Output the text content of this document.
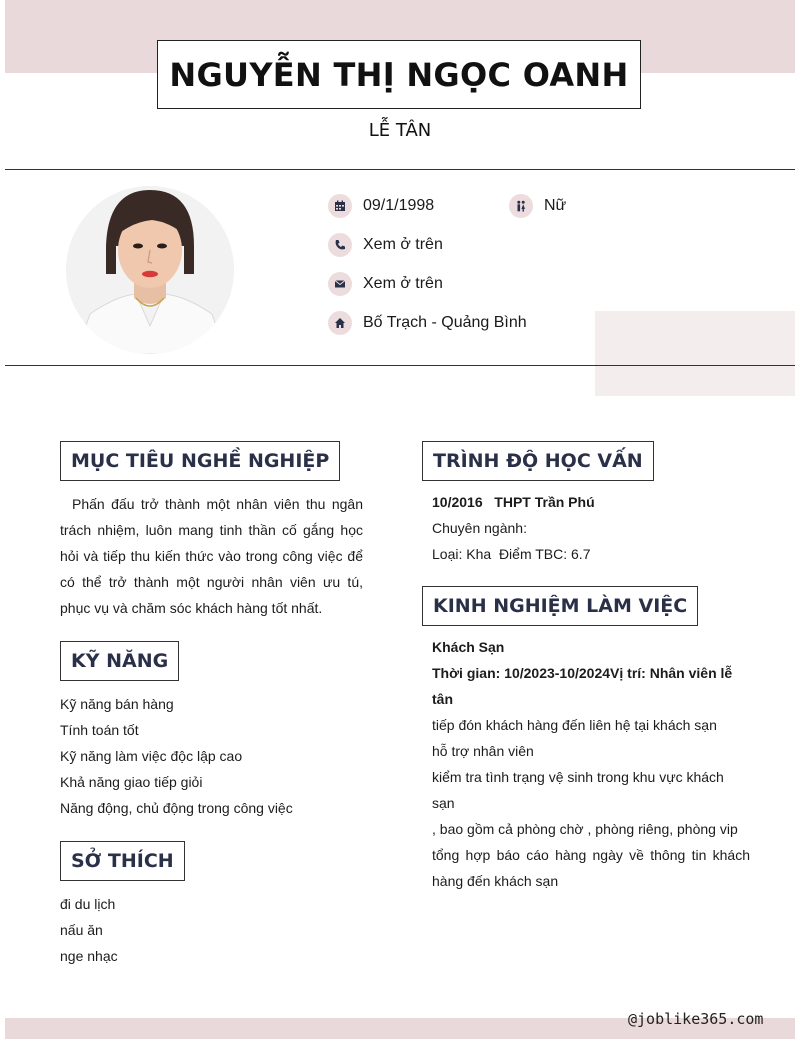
NGUYỄN THỊ NGỌC OANH
LỄ TÂN
09/1/1998	Nữ
Xem ở trên
Xem ở trên
Bố Trạch - Quảng Bình
MỤC TIÊU NGHỀ NGHIỆP
Phấn đấu trở thành một nhân viên thu ngân trách nhiệm, luôn mang tinh thần cố gắng học hỏi và tiếp thu kiến thức vào trong công việc để có thể trở thành một người nhân viên ưu tú, phục vụ và chăm sóc khách hàng tốt nhất.
KỸ NĂNG
Kỹ năng bán hàng
Tính toán tốt
Kỹ năng làm việc độc lập cao
Khả năng giao tiếp giỏi
Năng động, chủ động trong công việc
SỞ THÍCH
đi du lịch
nấu ăn
nge nhạc
TRÌNH ĐỘ HỌC VẤN
10/2016 THPT Trần Phú
Chuyên ngành:
Loại: Kha  Điểm TBC: 6.7
KINH NGHIỆM LÀM VIỆC
Khách Sạn
Thời gian: 10/2023-10/2024Vị trí: Nhân viên lễ tân
tiếp đón khách hàng đến liên hệ tại khách sạn
hỗ trợ nhân viên
kiểm tra tình trạng vệ sinh trong khu vực khách sạn
, bao gồm cả phòng chờ , phòng riêng, phòng vip
tổng hợp báo cáo hàng ngày về thông tin khách hàng đến khách sạn
@joblike365.com
